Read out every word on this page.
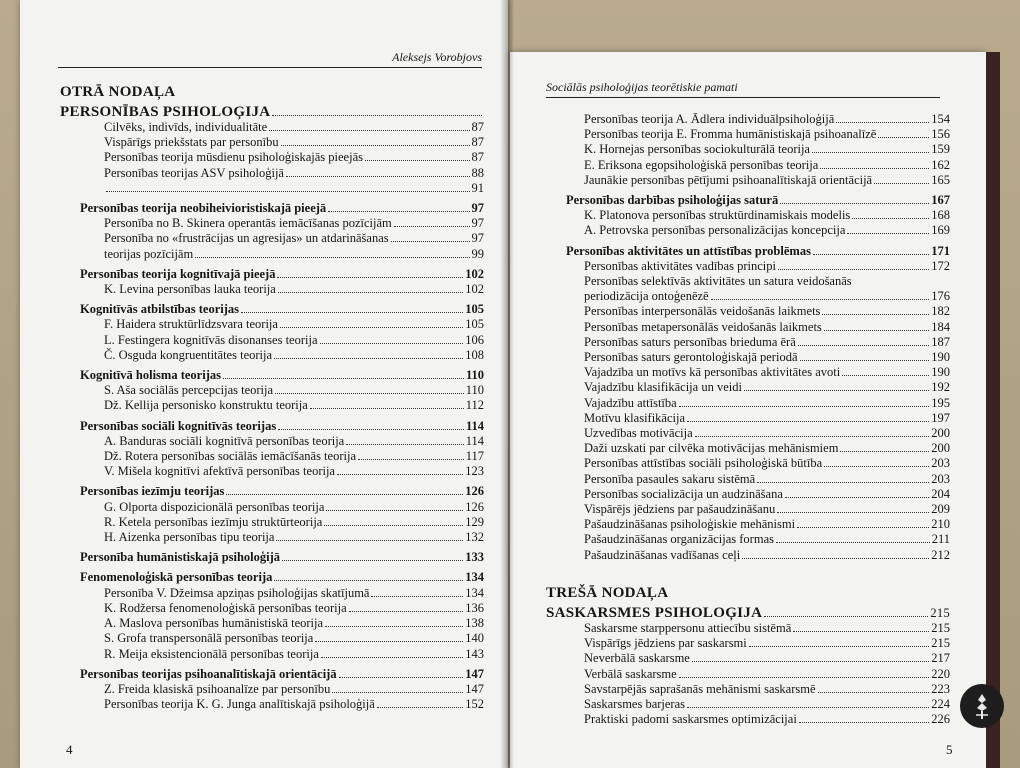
Aleksejs Vorobjovs
OTRĀ NODAĻA
PERSONĪBAS PSIHOLOĢIJA
Cilvēks, indivīds, individualitāte	87
Vispārīgs priekšstats par personību	87
Personības teorija mūsdienu psiholoģiskajās pieejās	87
Personības teorijas ASV psiholoģijā	88
91
Personības teorija neobiheivioristiskajā pieejā	97
Personība no B. Skinera operantās iemācīšanas pozīcijām	97
Personība no «frustrācijas un agresijas» un atdarināšanas	97
teorijas pozīcijām	99
Personības teorija kognitīvajā pieejā	102
K. Levina personības lauka teorija	102
Kognitīvās atbilstības teorijas	105
F. Haidera struktūrlīdzsvara teorija	105
L. Festingera kognitīvās disonanses teorija	106
Č. Osguda kongruentitātes teorija	108
Kognitīvā holisma teorijas	110
S. Aša sociālās percepcijas teorija	110
Dž. Kellija personisko konstruktu teorija	112
Personības sociāli kognitīvās teorijas	114
A. Banduras sociāli kognitīvā personības teorija	114
Dž. Rotera personības sociālās iemācīšanās teorija	117
V. Mišela kognitīvi afektīvā personības teorija	123
Personības iezīmju teorijas	126
G. Olporta dispozicionālā personības teorija	126
R. Ketela personības iezīmju struktūrteorija	129
H. Aizenka personības tipu teorija	132
Personība humānistiskajā psiholoģijā	133
Fenomenoloģiskā personības teorija	134
Personība V. Džeimsa apziņas psiholoģijas skatījumā	134
K. Rodžersa fenomenoloģiskā personības teorija	136
A. Maslova personības humānistiskā teorija	138
S. Grofa transpersonālā personības teorija	140
R. Meija eksistencionālā personības teorija	143
Personības teorijas psihoanalītiskajā orientācijā	147
Z. Freida klasiskā psihoanalīze par personību	147
Personības teorija K. G. Junga analītiskajā psiholoģijā	152
4
Sociālās psiholoģijas teorētiskie pamati
Personības teorija A. Ādlera individuālpsiholoģijā	154
Personības teorija E. Fromma humānistiskajā psihoanalīzē	156
K. Hornejas personības sociokulturālā teorija	159
E. Eriksona egopsiholoģiskā personības teorija	162
Jaunākie personības pētījumi psihoanalītiskajā orientācijā	165
Personības darbības psiholoģijas saturā	167
K. Platonova personības struktūrdinamiskais modelis	168
A. Petrovska personības personalizācijas koncepcija	169
Personības aktivitātes un attīstības problēmas	171
Personības aktivitātes vadības principi	172
Personības selektīvās aktivitātes un satura veidošanās
periodizācija ontoģenēzē	176
Personības interpersonālās veidošanās laikmets	182
Personības metapersonālās veidošanās laikmets	184
Personības saturs personības brieduma ērā	187
Personības saturs gerontoloģiskajā periodā	190
Vajadzība un motīvs kā personības aktivitātes avoti	190
Vajadzību klasifikācija un veidi	192
Vajadzību attīstība	195
Motīvu klasifikācija	197
Uzvedības motivācija	200
Daži uzskati par cilvēka motivācijas mehānismiem	200
Personības attīstības sociāli psiholoģiskā būtība	203
Personība pasaules sakaru sistēmā	203
Personības socializācija un audzināšana	204
Vispārējs jēdziens par pašaudzināšanu	209
Pašaudzināšanas psiholoģiskie mehānismi	210
Pašaudzināšanas organizācijas formas	211
Pašaudzināšanas vadīšanas ceļi	212
TREŠĀ NODAĻA
SASKARSMES PSIHOLOĢIJA	215
Saskarsme starppersonu attiecību sistēmā	215
Vispārīgs jēdziens par saskarsmi	215
Neverbālā saskarsme	217
Verbālā saskarsme	220
Savstarpējās saprašanās mehānismi saskarsmē	223
Saskarsmes barjeras	224
Praktiski padomi saskarsmes optimizācijai	226
5
